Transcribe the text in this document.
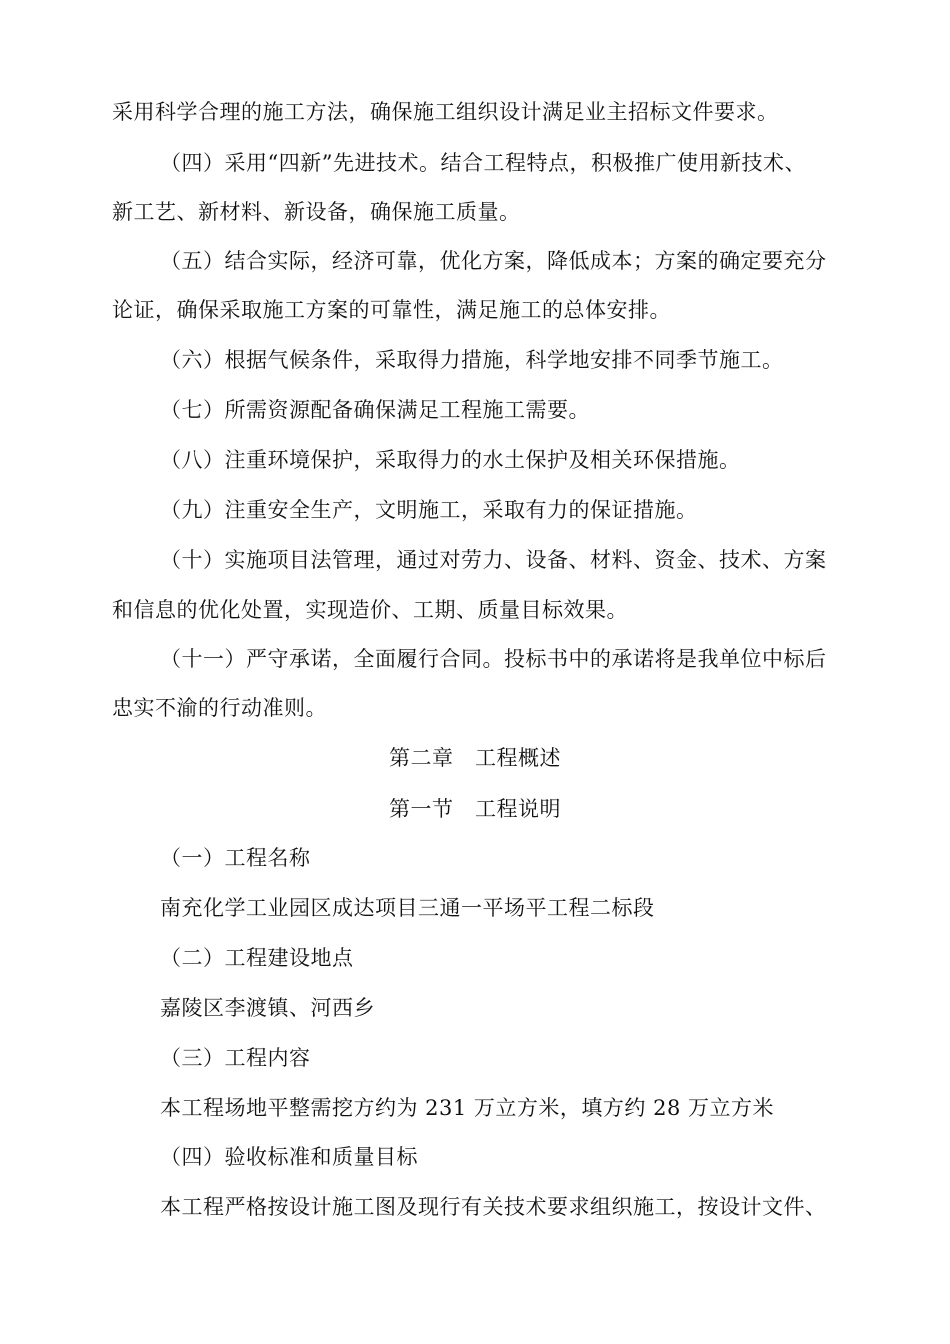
采用科学合理的施工方法，确保施工组织设计满足业主招标文件要求。
（四）采用“四新”先进技术。结合工程特点，积极推广使用新技术、
新工艺、新材料、新设备，确保施工质量。
（五）结合实际，经济可靠，优化方案，降低成本；方案的确定要充分
论证，确保采取施工方案的可靠性，满足施工的总体安排。
（六）根据气候条件，采取得力措施，科学地安排不同季节施工。
（七）所需资源配备确保满足工程施工需要。
（八）注重环境保护，采取得力的水土保护及相关环保措施。
（九）注重安全生产，文明施工，采取有力的保证措施。
（十）实施项目法管理，通过对劳力、设备、材料、资金、技术、方案
和信息的优化处置，实现造价、工期、质量目标效果。
（十一）严守承诺，全面履行合同。投标书中的承诺将是我单位中标后
忠实不渝的行动准则。
第二章　工程概述
第一节　工程说明
（一）工程名称
南充化学工业园区成达项目三通一平场平工程二标段
（二）工程建设地点
嘉陵区李渡镇、河西乡
（三）工程内容
本工程场地平整需挖方约为 231 万立方米，填方约 28 万立方米
（四）验收标准和质量目标
本工程严格按设计施工图及现行有关技术要求组织施工，按设计文件、
